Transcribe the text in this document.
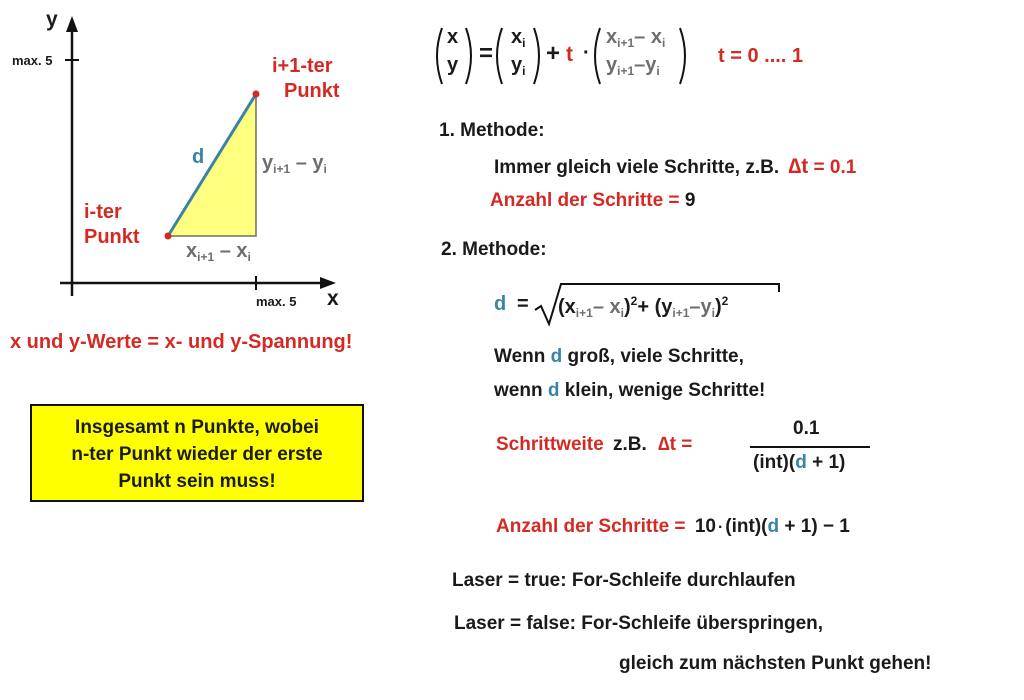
y
x
max. 5
max. 5
i+1-ter
Punkt
i-ter
Punkt
d	$y_{i+1} - y_i$
$x_{i+1} - x_i$
x und y-Werte = x- und y-Spannung!
Insgesamt n Punkte, wobei
n-ter Punkt wieder der erste
Punkt sein muss!
x
y =
$x_i$
$y_i$
+ t ·
$x_{i+1}-$ $x_i$
$y_{i+1}-y_i$
t = 0 .... 1
1. Methode:
Immer gleich viele Schritte, z.B. ∆t = 0.1
Anzahl der Schritte = 9
2. Methode:
$d = (x_{i+1}-$ $x_i)^2+ (y_{i+1}-y_i)^2$
Wenn d groß, viele Schritte,
wenn d klein, wenige Schritte!
Schrittweite z.B. ∆t =
0.1
(int)(d + 1)
Anzahl der Schritte = 10 · (int)(d + 1) − 1
Laser = true: For-Schleife durchlaufen
Laser = false: For-Schleife überspringen,
gleich zum nächsten Punkt gehen!
